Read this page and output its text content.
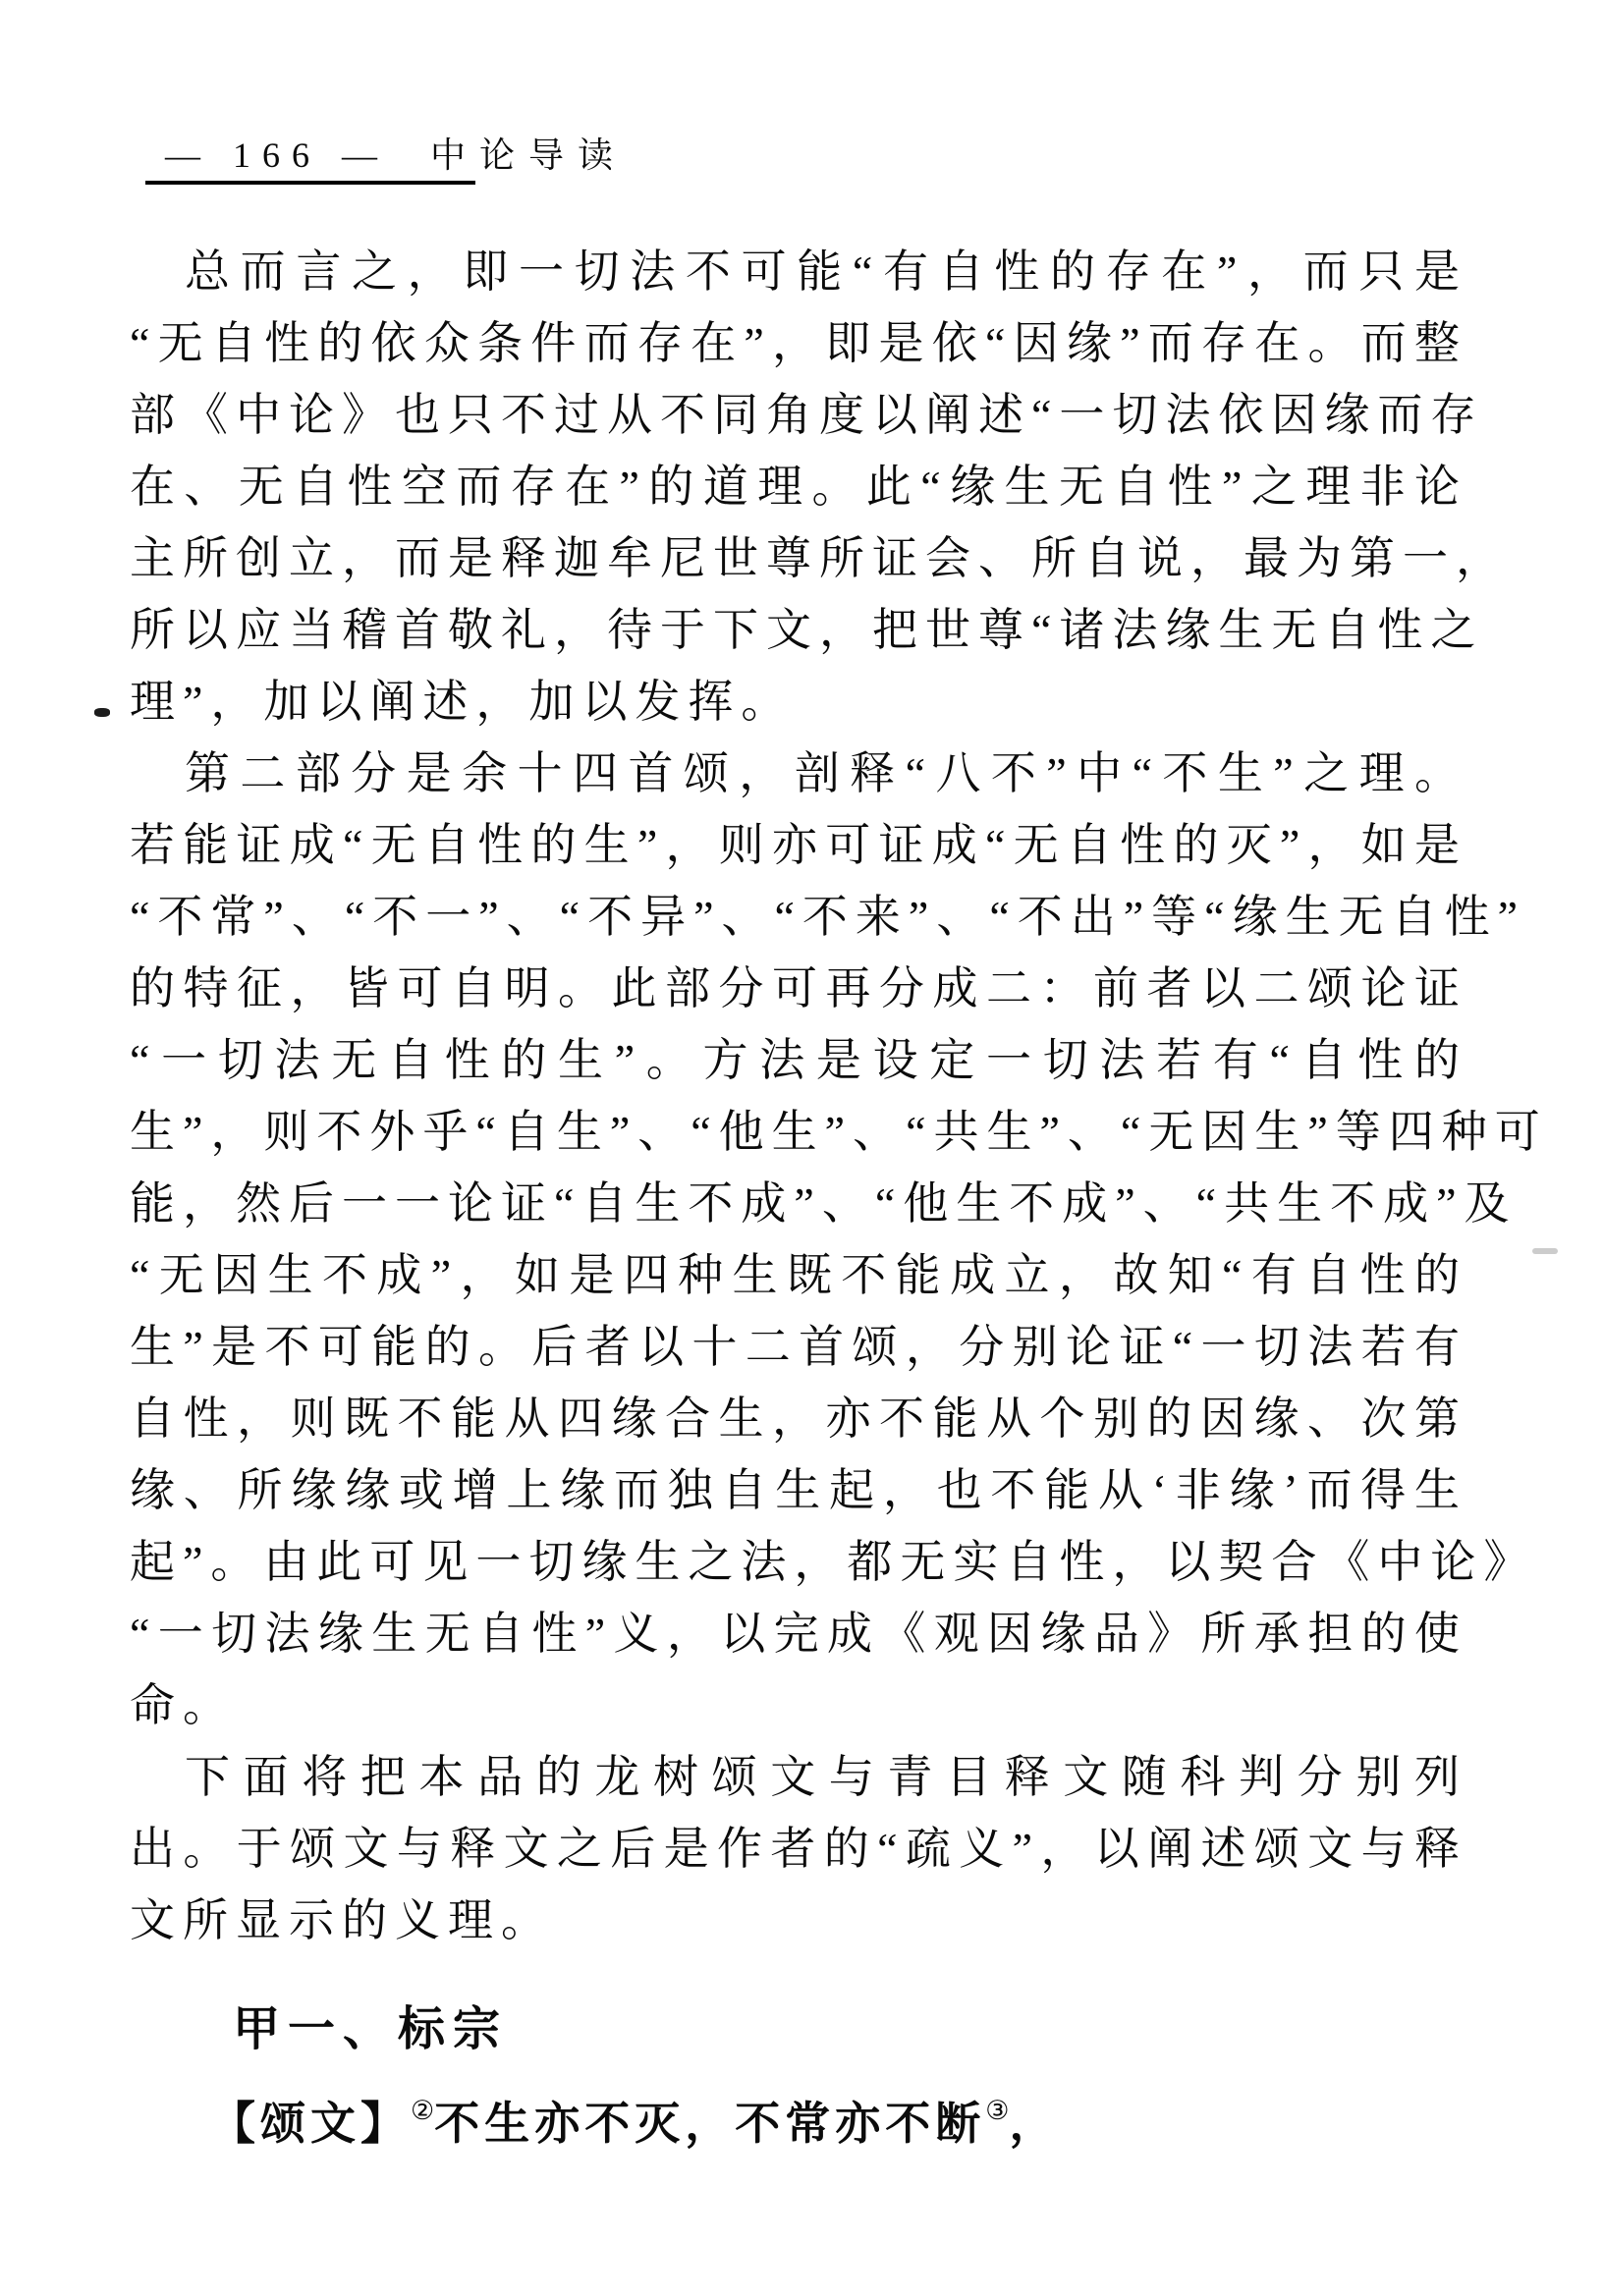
— 166 — 中论导读
总而言之，即一切法不可能“有自性的存在”，而只是
“无自性的依众条件而存在”，即是依“因缘”而存在。而整
部《中论》也只不过从不同角度以阐述“一切法依因缘而存
在、无自性空而存在”的道理。此“缘生无自性”之理非论
主所创立，而是释迦牟尼世尊所证会、所自说，最为第一，
所以应当稽首敬礼，待于下文，把世尊“诸法缘生无自性之
理”，加以阐述，加以发挥。
第二部分是余十四首颂，剖释“八不”中“不生”之理。
若能证成“无自性的生”，则亦可证成“无自性的灭”，如是
“不常”、“不一”、“不异”、“不来”、“不出”等“缘生无自性”
的特征，皆可自明。此部分可再分成二：前者以二颂论证
“一切法无自性的生”。方法是设定一切法若有“自性的
生”，则不外乎“自生”、“他生”、“共生”、“无因生”等四种可
能，然后一一论证“自生不成”、“他生不成”、“共生不成”及
“无因生不成”，如是四种生既不能成立，故知“有自性的
生”是不可能的。后者以十二首颂，分别论证“一切法若有
自性，则既不能从四缘合生，亦不能从个别的因缘、次第
缘、所缘缘或增上缘而独自生起，也不能从‘非缘’而得生
起”。由此可见一切缘生之法，都无实自性，以契合《中论》
“一切法缘生无自性”义，以完成《观因缘品》所承担的使
命。
下面将把本品的龙树颂文与青目释文随科判分别列
出。于颂文与释文之后是作者的“疏义”，以阐述颂文与释
文所显示的义理。
甲一、标宗
【颂文】②不生亦不灭，不常亦不断③，
